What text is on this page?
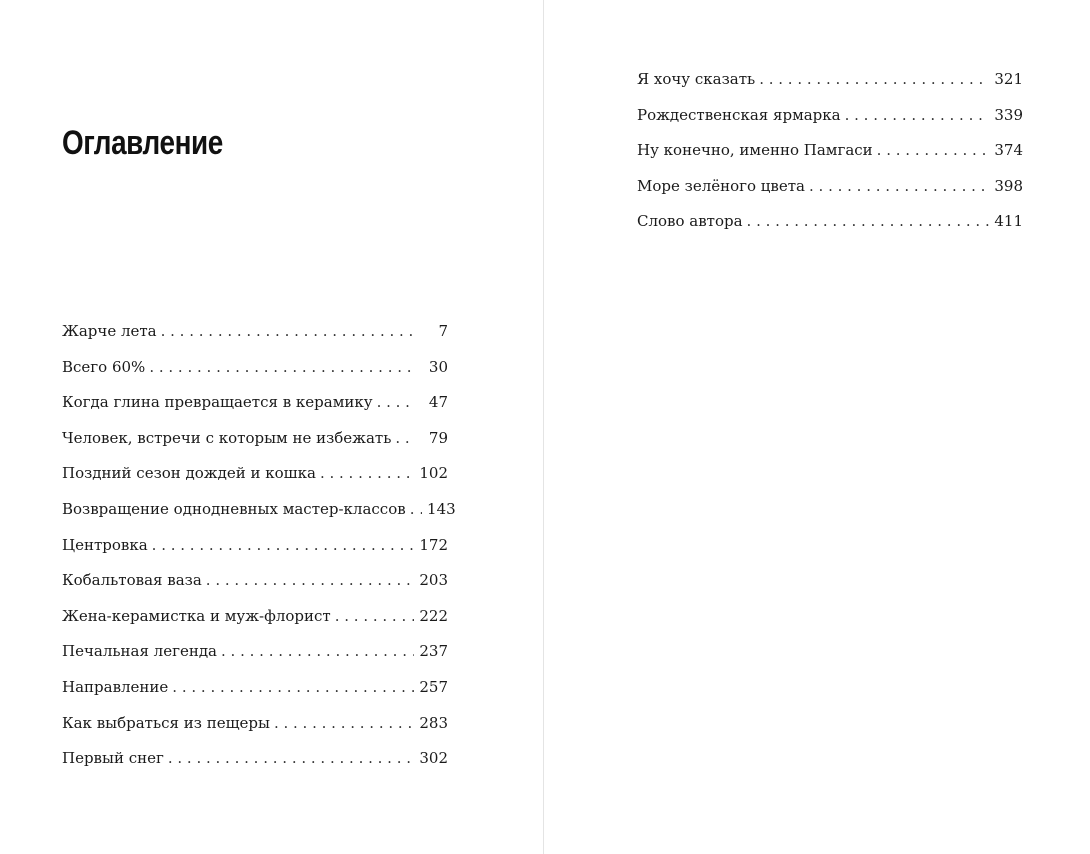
Оглавление
Жарче лета . . .	7
Всего 60% . . .	30
Когда глина превращается в керамику . . .	47
Человек, встречи с которым не избежать . . .	79
Поздний сезон дождей и кошка . . .	102
Возвращение однодневных мастер-классов . . .	143
Центровка . . .	172
Кобальтовая ваза . . .	203
Жена-керамистка и муж-флорист . . .	222
Печальная легенда . . .	237
Направление . . .	257
Как выбраться из пещеры . . .	283
Первый снег . . .	302
Я хочу сказать . . .	321
Рождественская ярмарка . . .	339
Ну конечно, именно Памгаси . . .	374
Море зелёного цвета . . .	398
Слово автора . . .	411
